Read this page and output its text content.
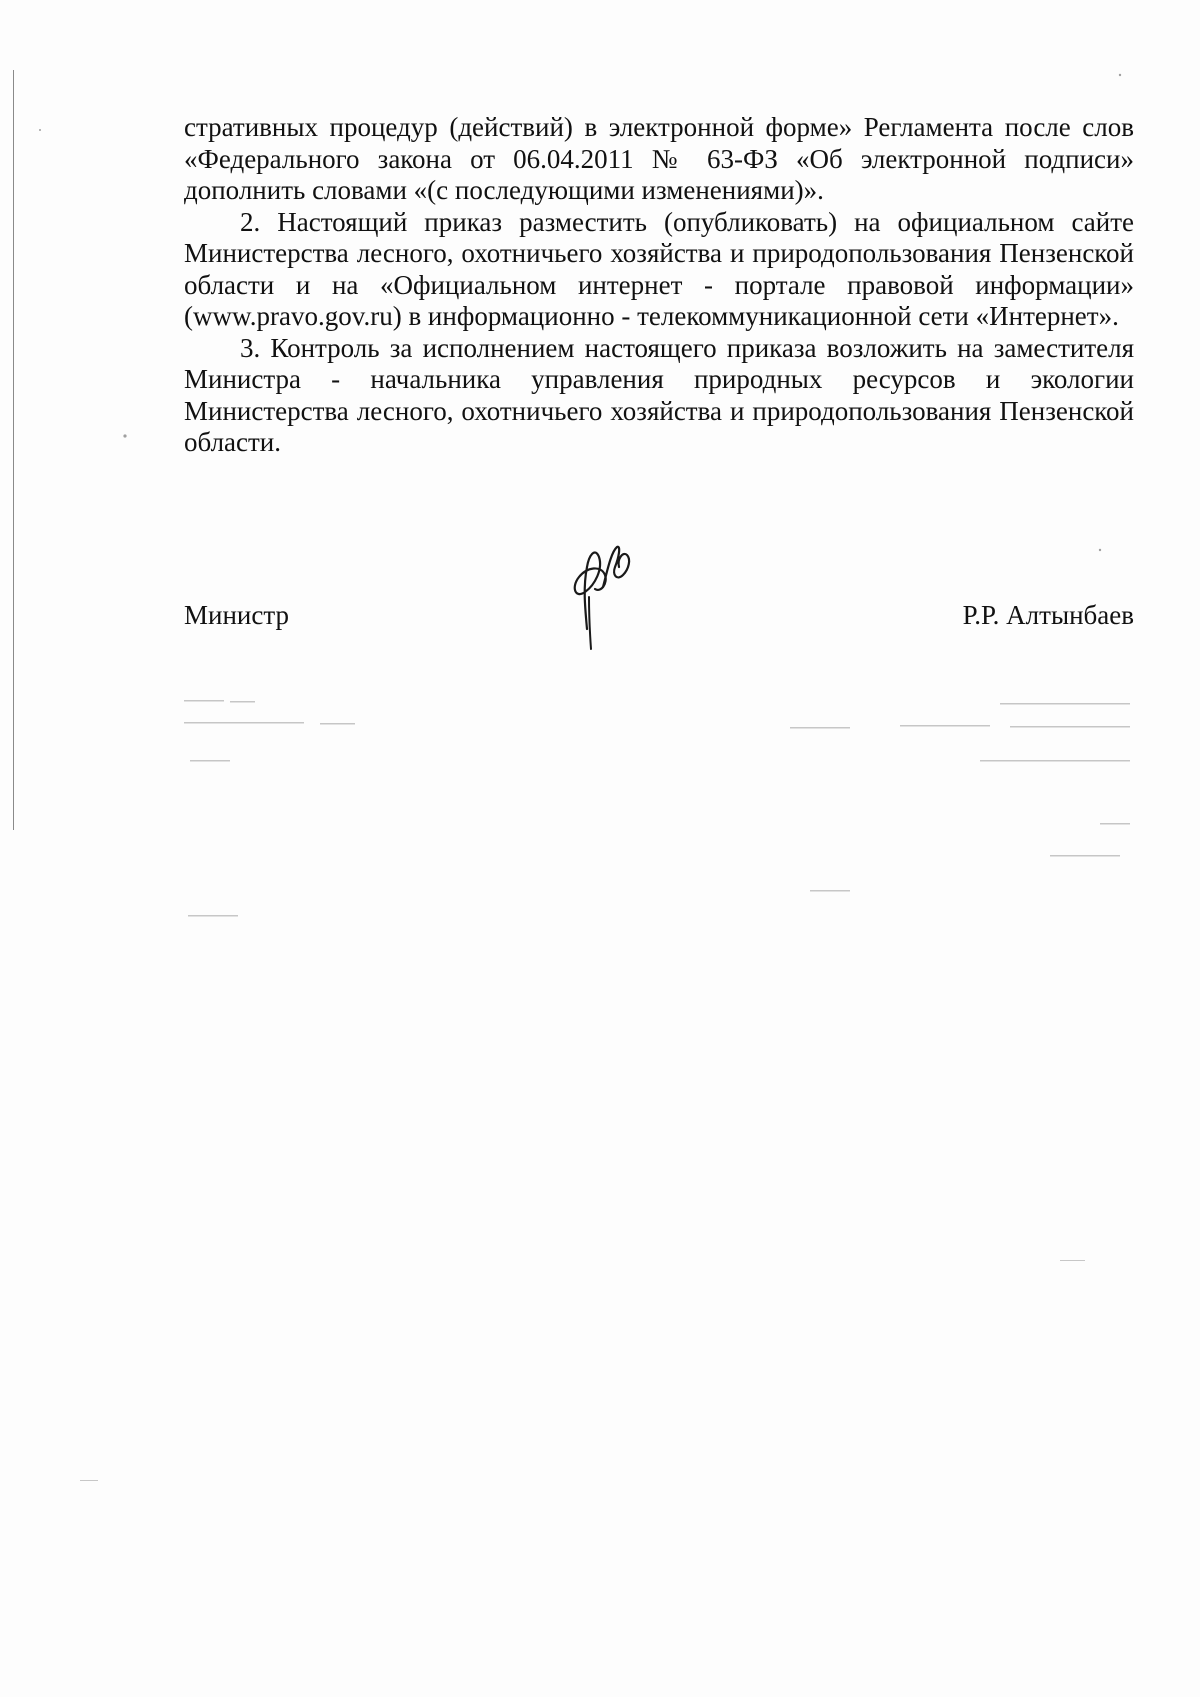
стративных процедур (действий) в электронной форме» Регламента после слов «Федерального закона от 06.04.2011 № 63-ФЗ «Об электронной подписи» дополнить словами «(с последующими изменениями)».

2. Настоящий приказ разместить (опубликовать) на официальном сайте Министерства лесного, охотничьего хозяйства и природопользования Пензенской области и на «Официальном интернет - портале правовой информации» (www.pravo.gov.ru) в информационно - телекоммуникационной сети «Интернет».

3. Контроль за исполнением настоящего приказа возложить на заместителя Министра - начальника управления природных ресурсов и экологии Министерства лесного, охотничьего хозяйства и природопользования Пензенской области.

Министр	Р.Р. Алтынбаев
